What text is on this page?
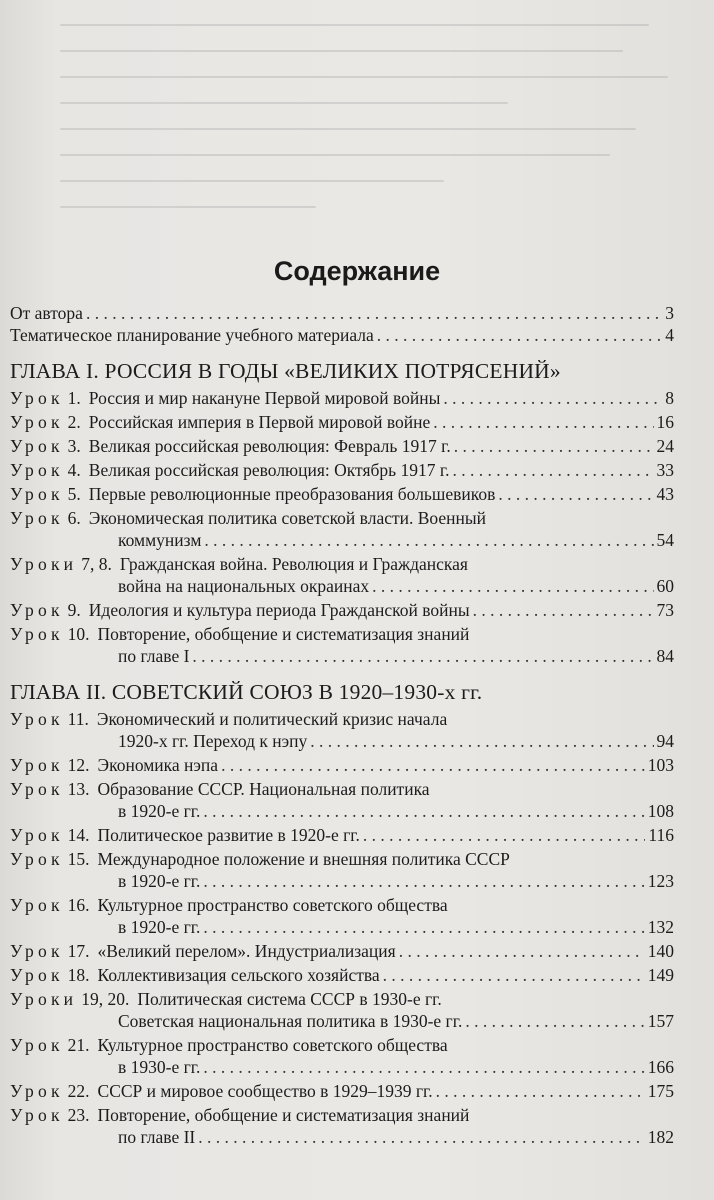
Содержание
От автора . . .	3
Тематическое планирование учебного материала . . .	4
ГЛАВА I. РОССИЯ В ГОДЫ «ВЕЛИКИХ ПОТРЯСЕНИЙ»
Урок 1. Россия и мир накануне Первой мировой войны . . .	8
Урок 2. Российская империя в Первой мировой войне . . .	16
Урок 3. Великая российская революция: Февраль 1917 г. . . .	24
Урок 4. Великая российская революция: Октябрь 1917 г. . . .	33
Урок 5. Первые революционные преобразования большевиков . . .	43
Урок 6. Экономическая политика советской власти. Военный
коммунизм . . .	54
Уроки 7, 8. Гражданская война. Революция и Гражданская
война на национальных окраинах . . .	60
Урок 9. Идеология и культура периода Гражданской войны . . .	73
Урок 10. Повторение, обобщение и систематизация знаний
по главе I . . .	84
ГЛАВА II. СОВЕТСКИЙ СОЮЗ В 1920–1930-х гг.
Урок 11. Экономический и политический кризис начала
1920-х гг. Переход к нэпу . . .	94
Урок 12. Экономика нэпа . . .	103
Урок 13. Образование СССР. Национальная политика
в 1920-е гг. . . .	108
Урок 14. Политическое развитие в 1920-е гг. . . .	116
Урок 15. Международное положение и внешняя политика СССР
в 1920-е гг. . . .	123
Урок 16. Культурное пространство советского общества
в 1920-е гг. . . .	132
Урок 17. «Великий перелом». Индустриализация . . .	140
Урок 18. Коллективизация сельского хозяйства . . .	149
Уроки 19, 20. Политическая система СССР в 1930-е гг.
Советская национальная политика в 1930-е гг. . . .	157
Урок 21. Культурное пространство советского общества
в 1930-е гг. . . .	166
Урок 22. СССР и мировое сообщество в 1929–1939 гг. . . .	175
Урок 23. Повторение, обобщение и систематизация знаний
по главе II . . .	182
